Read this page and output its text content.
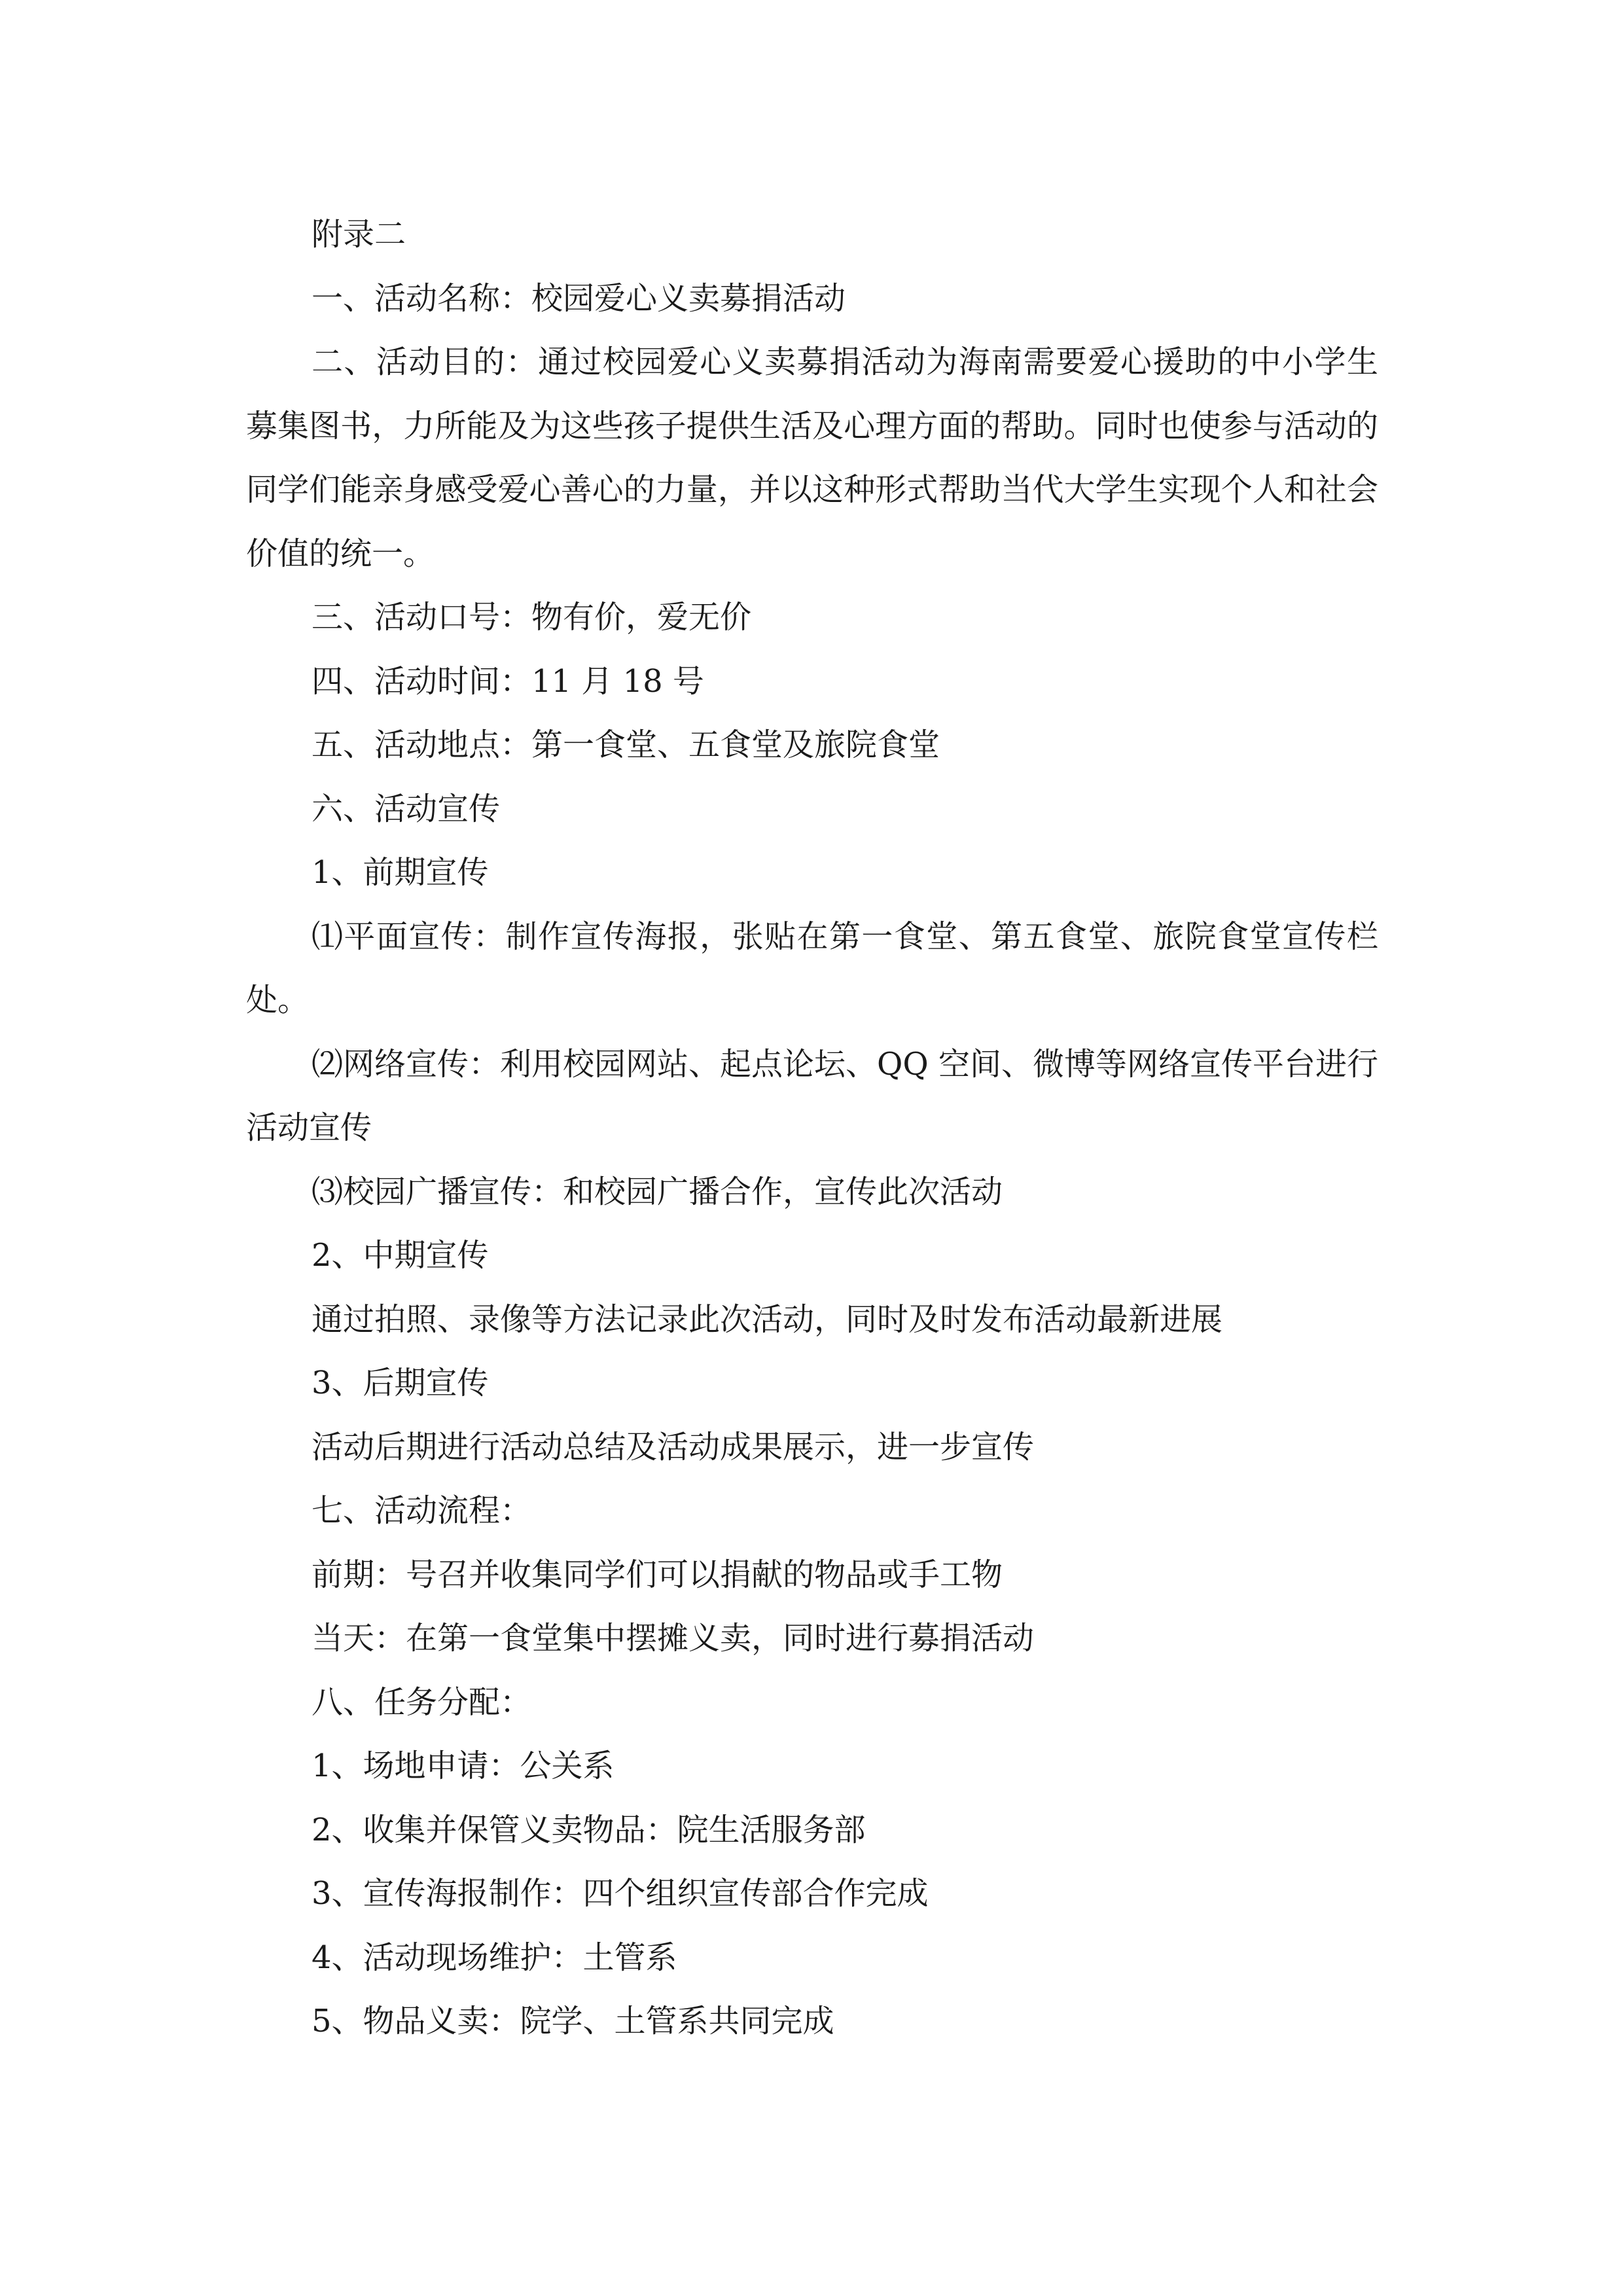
附录二

一、活动名称：校园爱心义卖募捐活动

二、活动目的：通过校园爱心义卖募捐活动为海南需要爱心援助的中小学生募集图书，力所能及为这些孩子提供生活及心理方面的帮助。同时也使参与活动的同学们能亲身感受爱心善心的力量，并以这种形式帮助当代大学生实现个人和社会价值的统一。

三、活动口号：物有价，爱无价

四、活动时间：11 月 18 号

五、活动地点：第一食堂、五食堂及旅院食堂

六、活动宣传

1、前期宣传

⑴平面宣传：制作宣传海报，张贴在第一食堂、第五食堂、旅院食堂宣传栏处。

⑵网络宣传：利用校园网站、起点论坛、QQ 空间、微博等网络宣传平台进行活动宣传

⑶校园广播宣传：和校园广播合作，宣传此次活动

2、中期宣传

通过拍照、录像等方法记录此次活动，同时及时发布活动最新进展

3、后期宣传

活动后期进行活动总结及活动成果展示，进一步宣传

七、活动流程：

前期：号召并收集同学们可以捐献的物品或手工物

当天：在第一食堂集中摆摊义卖，同时进行募捐活动

八、任务分配：

1、场地申请：公关系

2、收集并保管义卖物品：院生活服务部

3、宣传海报制作：四个组织宣传部合作完成

4、活动现场维护：土管系

5、物品义卖：院学、土管系共同完成
